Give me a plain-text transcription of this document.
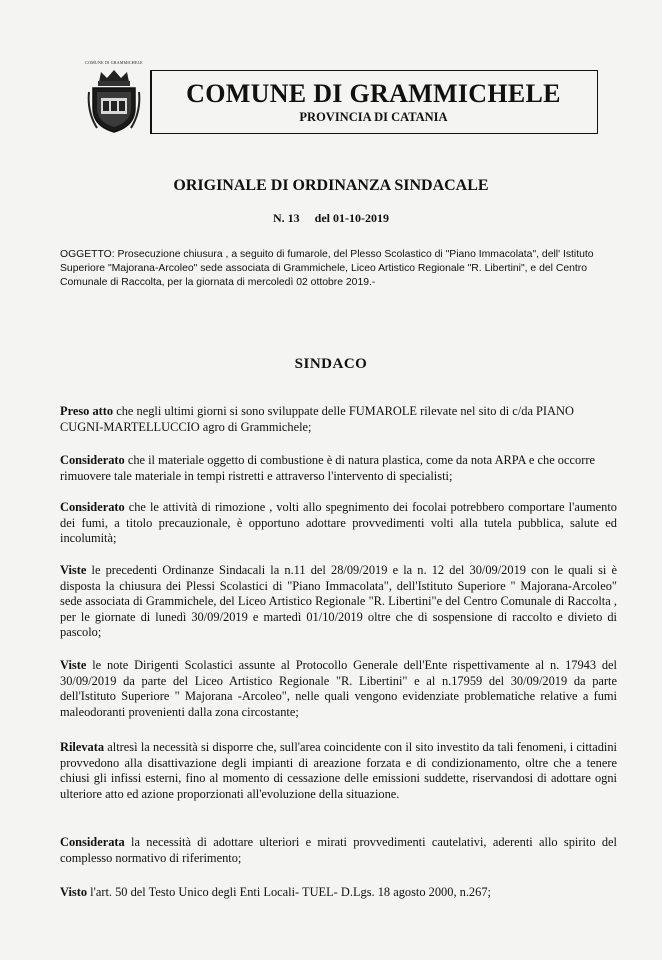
COMUNE DI GRAMMICHELE
COMUNE DI GRAMMICHELE
PROVINCIA DI CATANIA
ORIGINALE DI ORDINANZA SINDACALE
N. 13 del 01-10-2019
OGGETTO: Prosecuzione chiusura , a seguito di fumarole, del Plesso Scolastico di "Piano Immacolata", dell' Istituto Superiore "Majorana-Arcoleo" sede associata di Grammichele, Liceo Artistico Regionale "R. Libertini", e del Centro Comunale di Raccolta, per la giornata di mercoledì 02 ottobre 2019.-
SINDACO
Preso atto che negli ultimi giorni si sono sviluppate delle FUMAROLE rilevate nel sito di c/da PIANO CUGNI-MARTELLUCCIO agro di Grammichele;
Considerato che il materiale oggetto di combustione è di natura plastica, come da nota ARPA e che occorre rimuovere tale materiale in tempi ristretti e attraverso l'intervento di specialisti;
Considerato che le attività di rimozione , volti allo spegnimento dei focolai potrebbero comportare l'aumento dei fumi, a titolo precauzionale, è opportuno adottare provvedimenti volti alla tutela pubblica, salute ed incolumità;
Viste le precedenti Ordinanze Sindacali la n.11 del 28/09/2019 e la n. 12 del 30/09/2019 con le quali si è disposta la chiusura dei Plessi Scolastici di "Piano Immacolata", dell'Istituto Superiore " Majorana-Arcoleo" sede associata di Grammichele, del Liceo Artistico Regionale "R. Libertini"e del Centro Comunale di Raccolta , per le giornate di lunedì 30/09/2019 e martedì 01/10/2019 oltre che di sospensione di raccolto e divieto di pascolo;
Viste le note Dirigenti Scolastici assunte al Protocollo Generale dell'Ente rispettivamente al n. 17943 del 30/09/2019 da parte del Liceo Artistico Regionale "R. Libertini" e al n.17959 del 30/09/2019 da parte dell'Istituto Superiore " Majorana -Arcoleo", nelle quali vengono evidenziate problematiche relative a fumi maleodoranti provenienti dalla zona circostante;
Rilevata altresì la necessità si disporre che, sull'area coincidente con il sito investito da tali fenomeni, i cittadini provvedono alla disattivazione degli impianti di areazione forzata e di condizionamento, oltre che a tenere chiusi gli infissi esterni, fino al momento di cessazione delle emissioni suddette, riservandosi di adottare ogni ulteriore atto ed azione proporzionati all'evoluzione della situazione.
Considerata la necessità di adottare ulteriori e mirati provvedimenti cautelativi, aderenti allo spirito del complesso normativo di riferimento;
Visto l'art. 50 del Testo Unico degli Enti Locali- TUEL- D.Lgs. 18 agosto 2000, n.267;
